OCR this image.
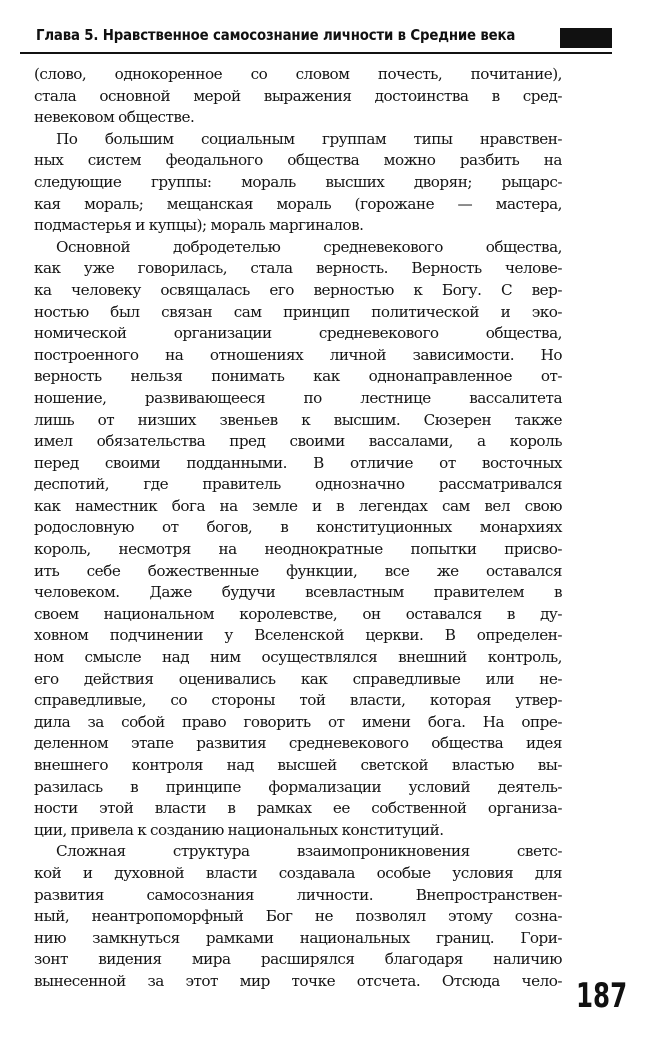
Глава 5. Нравственное самосознание личности в Средние века

(слово, однокоренное со словом почесть, почитание),
стала основной мерой выражения достоинства в сред-
невековом обществе.

По большим социальным группам типы нравствен-
ных систем феодального общества можно разбить на
следующие группы: мораль высших дворян; рыцарс-
кая мораль; мещанская мораль (горожане — мастера,
подмастерья и купцы); мораль маргиналов.

Основной добродетелью средневекового общества,
как уже говорилась, стала верность. Верность челове-
ка человеку освящалась его верностью к Богу. С вер-
ностью был связан сам принцип политической и эко-
номической организации средневекового общества,
построенного на отношениях личной зависимости. Но
верность нельзя понимать как однонаправленное от-
ношение, развивающееся по лестнице вассалитета
лишь от низших звеньев к высшим. Сюзерен также
имел обязательства пред своими вассалами, а король
перед своими подданными. В отличие от восточных
деспотий, где правитель однозначно рассматривался
как наместник бога на земле и в легендах сам вел свою
родословную от богов, в конституционных монархиях
король, несмотря на неоднократные попытки присво-
ить себе божественные функции, все же оставался
человеком. Даже будучи всевластным правителем в
своем национальном королевстве, он оставался в ду-
ховном подчинении у Вселенской церкви. В определен-
ном смысле над ним осуществлялся внешний контроль,
его действия оценивались как справедливые или не-
справедливые, со стороны той власти, которая утвер-
дила за собой право говорить от имени бога. На опре-
деленном этапе развития средневекового общества идея
внешнего контроля над высшей светской властью вы-
разилась в принципе формализации условий деятель-
ности этой власти в рамках ее собственной организа-
ции, привела к созданию национальных конституций.

Сложная структура взаимопроникновения светс-
кой и духовной власти создавала особые условия для
развития самосознания личности. Внепространствен-
ный, неантропоморфный Бог не позволял этому созна-
нию замкнуться рамками национальных границ. Гори-
зонт видения мира расширялся благодаря наличию
вынесенной за этот мир точке отсчета. Отсюда чело- 187
